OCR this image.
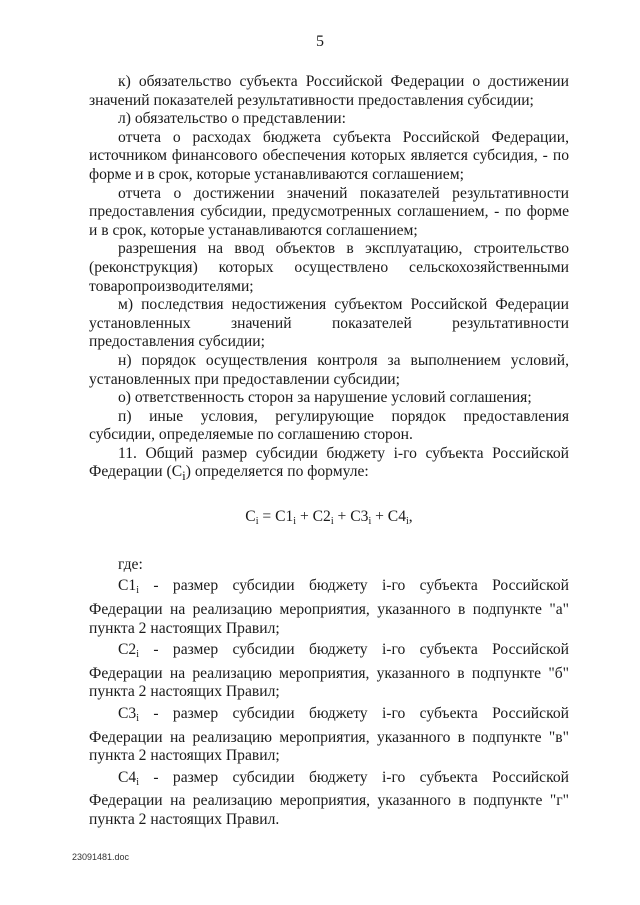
5
к) обязательство субъекта Российской Федерации о достижении значений показателей результативности предоставления субсидии;
л) обязательство о представлении:
отчета о расходах бюджета субъекта Российской Федерации, источником финансового обеспечения которых является субсидия, - по форме и в срок, которые устанавливаются соглашением;
отчета о достижении значений показателей результативности предоставления субсидии, предусмотренных соглашением, - по форме и в срок, которые устанавливаются соглашением;
разрешения на ввод объектов в эксплуатацию, строительство (реконструкция) которых осуществлено сельскохозяйственными товаропроизводителями;
м) последствия недостижения субъектом Российской Федерации установленных значений показателей результативности предоставления субсидии;
н) порядок осуществления контроля за выполнением условий, установленных при предоставлении субсидии;
о) ответственность сторон за нарушение условий соглашения;
п) иные условия, регулирующие порядок предоставления субсидии, определяемые по соглашению сторон.
11. Общий размер субсидии бюджету i-го субъекта Российской Федерации $(C_i)$ определяется по формуле:
$C_i = C1_i + C2_i + C3_i + C4_i$,
где:
$C1_i$ - размер субсидии бюджету i-го субъекта Российской Федерации на реализацию мероприятия, указанного в подпункте "а" пункта 2 настоящих Правил;
$C2_i$ - размер субсидии бюджету i-го субъекта Российской Федерации на реализацию мероприятия, указанного в подпункте "б" пункта 2 настоящих Правил;
$C3_i$ - размер субсидии бюджету i-го субъекта Российской Федерации на реализацию мероприятия, указанного в подпункте "в" пункта 2 настоящих Правил;
$C4_i$ - размер субсидии бюджету i-го субъекта Российской Федерации на реализацию мероприятия, указанного в подпункте "г" пункта 2 настоящих Правил.
23091481.doc
